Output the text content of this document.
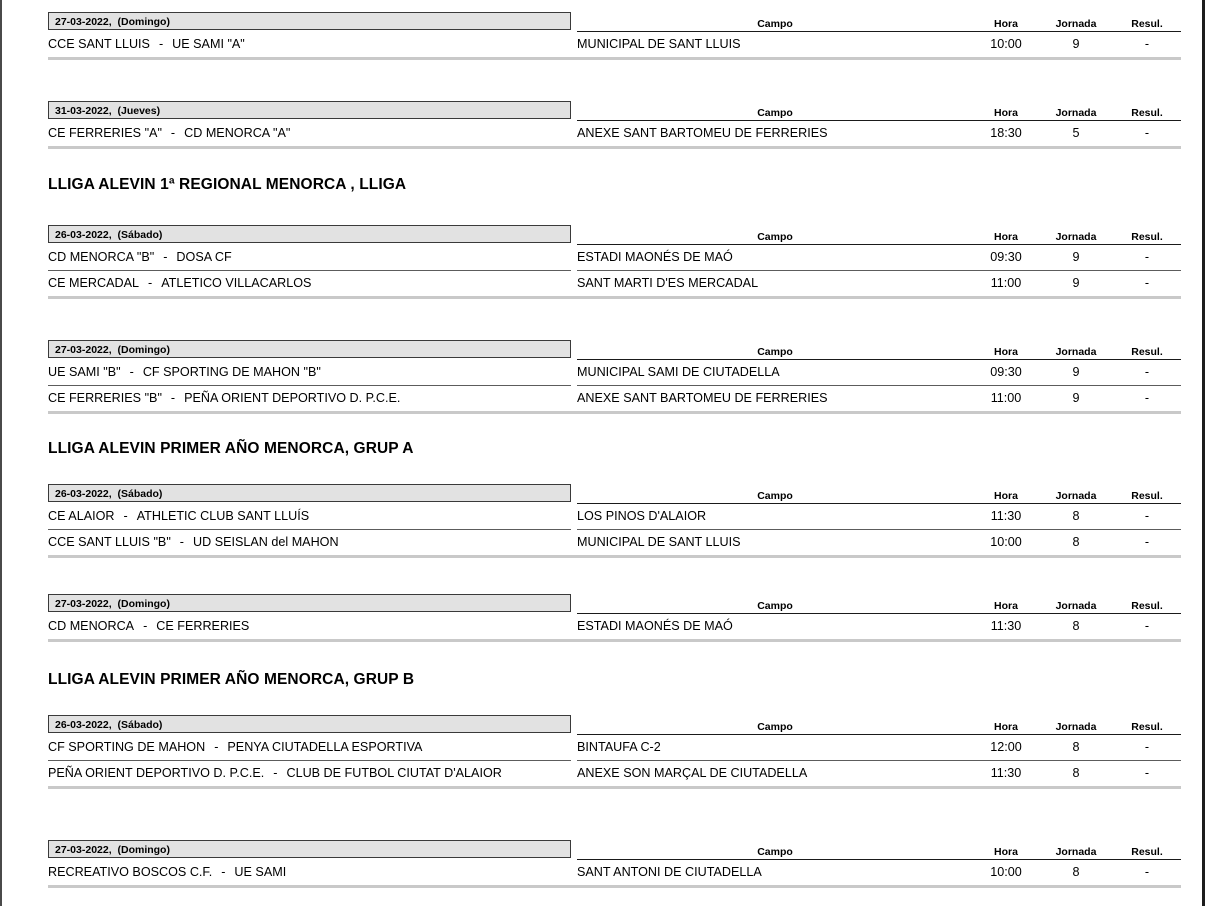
27-03-2022, (Domingo)		Campo	Hora	Jornada	Resul.

CCE SANT LLUIS - UE SAMI "A"		MUNICIPAL DE SANT LLUIS	10:00	9	-
31-03-2022, (Jueves)		Campo	Hora	Jornada	Resul.

CE FERRERIES "A" - CD MENORCA "A"		ANEXE SANT BARTOMEU DE FERRERIES	18:30	5	-
LLIGA ALEVIN 1ª REGIONAL MENORCA , LLIGA
26-03-2022, (Sábado)		Campo	Hora	Jornada	Resul.

CD MENORCA "B" - DOSA CF		ESTADI MAONÉS DE MAÓ	09:30	9	-
CE MERCADAL - ATLETICO VILLACARLOS		SANT MARTI D'ES MERCADAL	11:00	9	-
27-03-2022, (Domingo)		Campo	Hora	Jornada	Resul.

UE SAMI "B" - CF SPORTING DE MAHON "B"		MUNICIPAL SAMI DE CIUTADELLA	09:30	9	-
CE FERRERIES "B" - PEÑA ORIENT DEPORTIVO D. P.C.E.		ANEXE SANT BARTOMEU DE FERRERIES	11:00	9	-
LLIGA ALEVIN PRIMER AÑO MENORCA, GRUP A
26-03-2022, (Sábado)		Campo	Hora	Jornada	Resul.

CE ALAIOR - ATHLETIC CLUB SANT LLUÍS		LOS PINOS D'ALAIOR	11:30	8	-
CCE SANT LLUIS "B" - UD SEISLAN del MAHON		MUNICIPAL DE SANT LLUIS	10:00	8	-
27-03-2022, (Domingo)		Campo	Hora	Jornada	Resul.

CD MENORCA - CE FERRERIES		ESTADI MAONÉS DE MAÓ	11:30	8	-
LLIGA ALEVIN PRIMER AÑO MENORCA, GRUP B
26-03-2022, (Sábado)		Campo	Hora	Jornada	Resul.

CF SPORTING DE MAHON - PENYA CIUTADELLA ESPORTIVA		BINTAUFA C-2	12:00	8	-
PEÑA ORIENT DEPORTIVO D. P.C.E. - CLUB DE FUTBOL CIUTAT D'ALAIOR		ANEXE SON MARÇAL DE CIUTADELLA	11:30	8	-
27-03-2022, (Domingo)		Campo	Hora	Jornada	Resul.

RECREATIVO BOSCOS C.F. - UE SAMI		SANT ANTONI DE CIUTADELLA	10:00	8	-
